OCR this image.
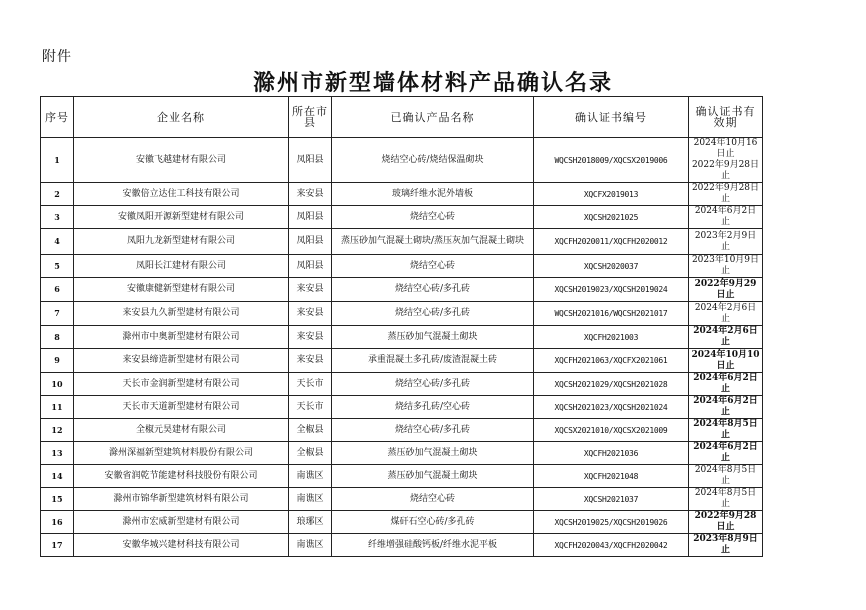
附件
滁州市新型墙体材料产品确认名录
序号	企业名称	所在市县	已确认产品名称	确认证书编号	确认证书有效期
1	安徽飞越建材有限公司	凤阳县	烧结空心砖/烧结保温砌块	WQCSH2018009/XQCSX2019006	2024年10月16日止
2022年9月28日止

2	安徽倍立达住工科技有限公司	来安县	玻璃纤维水泥外墙板	XQCFX2019013	2022年9月28日止

3	安徽凤阳开源新型建材有限公司	凤阳县	烧结空心砖	XQCSH2021025	2024年6月2日止

4	凤阳九龙新型建材有限公司	凤阳县	蒸压砂加气混凝土砌块/蒸压灰加气混凝土砌块	XQCFH2020011/XQCFH2020012	2023年2月9日止

5	凤阳长江建材有限公司	凤阳县	烧结空心砖	XQCSH2020037	2023年10月9日止

6	安徽康健新型建材有限公司	来安县	烧结空心砖/多孔砖	XQCSH2019023/XQCSH2019024	2022年9月29日止

7	来安县九久新型建材有限公司	来安县	烧结空心砖/多孔砖	WQCSH2021016/WQCSH2021017	2024年2月6日止

8	滁州市中奥新型建材有限公司	来安县	蒸压砂加气混凝土砌块	XQCFH2021003	2024年2月6日止

9	来安县缔造新型建材有限公司	来安县	承重混凝土多孔砖/废渣混凝土砖	XQCFH2021063/XQCFX2021061	2024年10月10日止

10	天长市金润新型建材有限公司	天长市	烧结空心砖/多孔砖	XQCSH2021029/XQCSH2021028	2024年6月2日止

11	天长市天道新型建材有限公司	天长市	烧结多孔砖/空心砖	XQCSH2021023/XQCSH2021024	2024年6月2日止

12	全椒元昊建材有限公司	全椒县	烧结空心砖/多孔砖	XQCSX2021010/XQCSX2021009	2024年8月5日止

13	滁州深福新型建筑材料股份有限公司	全椒县	蒸压砂加气混凝土砌块	XQCFH2021036	2024年6月2日止

14	安徽省润乾节能建材科技股份有限公司	南谯区	蒸压砂加气混凝土砌块	XQCFH2021048	2024年8月5日止

15	滁州市锦华新型建筑材料有限公司	南谯区	烧结空心砖	XQCSH2021037	2024年8月5日止

16	滁州市宏威新型建材有限公司	琅琊区	煤矸石空心砖/多孔砖	XQCSH2019025/XQCSH2019026	2022年9月28日止

17	安徽华城兴建材科技有限公司	南谯区	纤维增强硅酸钙板/纤维水泥平板	XQCFH2020043/XQCFH2020042	2023年8月9日止
